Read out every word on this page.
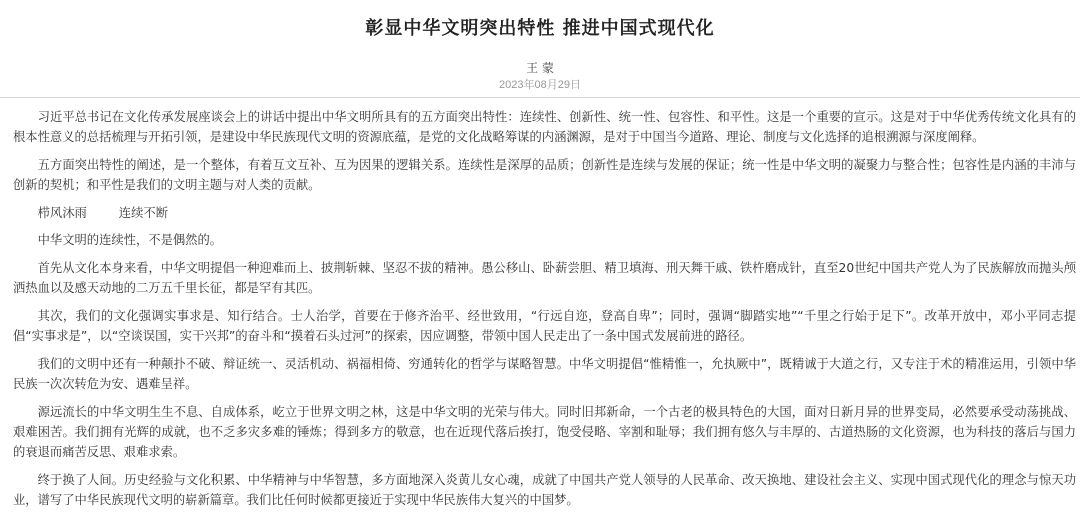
彰显中华文明突出特性 推进中国式现代化
王 蒙
2023年08月29日

习近平总书记在文化传承发展座谈会上的讲话中提出中华文明所具有的五方面突出特性：连续性、创新性、统一性、包容性、和平性。这是一个重要的宣示。这是对于中华优秀传统文化具有的根本性意义的总括梳理与开拓引领，是建设中华民族现代文明的资源底蕴，是党的文化战略筹谋的内涵渊源，是对于中国当今道路、理论、制度与文化选择的追根溯源与深度阐释。

五方面突出特性的阐述，是一个整体，有着互文互补、互为因果的逻辑关系。连续性是深厚的品质；创新性是连续与发展的保证；统一性是中华文明的凝聚力与整合性；包容性是内涵的丰沛与创新的契机；和平性是我们的文明主题与对人类的贡献。

栉风沐雨	连续不断

中华文明的连续性，不是偶然的。

首先从文化本身来看，中华文明提倡一种迎难而上、披荆斩棘、坚忍不拔的精神。愚公移山、卧薪尝胆、精卫填海、刑天舞干戚、铁杵磨成针，直至20世纪中国共产党人为了民族解放而抛头颅洒热血以及感天动地的二万五千里长征，都是罕有其匹。

其次，我们的文化强调实事求是、知行结合。士人治学，首要在于修齐治平、经世致用，“行远自迩，登高自卑”；同时，强调“脚踏实地”“千里之行始于足下”。改革开放中，邓小平同志提倡“实事求是”，以“空谈误国，实干兴邦”的奋斗和“摸着石头过河”的探索，因应调整，带领中国人民走出了一条中国式发展前进的路径。

我们的文明中还有一种颠扑不破、辩证统一、灵活机动、祸福相倚、穷通转化的哲学与谋略智慧。中华文明提倡“惟精惟一，允执厥中”，既精诚于大道之行，又专注于术的精准运用，引领中华民族一次次转危为安、遇难呈祥。

源远流长的中华文明生生不息、自成体系，屹立于世界文明之林，这是中华文明的光荣与伟大。同时旧邦新命，一个古老的极具特色的大国，面对日新月异的世界变局，必然要承受动荡挑战、艰难困苦。我们拥有光辉的成就，也不乏多灾多难的锤炼；得到多方的敬意，也在近现代落后挨打，饱受侵略、宰割和耻辱；我们拥有悠久与丰厚的、古道热肠的文化资源，也为科技的落后与国力的衰退而痛苦反思、艰难求索。

终于换了人间。历史经验与文化积累、中华精神与中华智慧，多方面地深入炎黄儿女心魂，成就了中国共产党人领导的人民革命、改天换地、建设社会主义、实现中国式现代化的理念与惊天功业，谱写了中华民族现代文明的崭新篇章。我们比任何时候都更接近于实现中华民族伟大复兴的中国梦。
